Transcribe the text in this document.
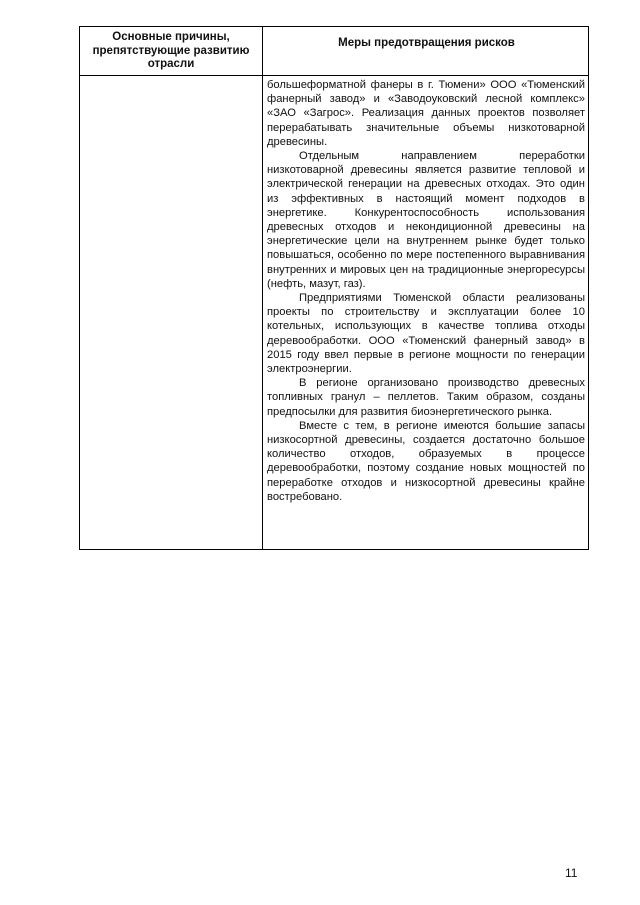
Основные причины, препятствующие развитию отрасли
Меры предотвращения рисков

большеформатной фанеры в г. Тюмени» ООО «Тюменский фанерный завод» и «Заводоуковский лесной комплекс» «ЗАО «Загрос». Реализация данных проектов позволяет перерабатывать значительные объемы низкотоварной древесины.

Отдельным направлением переработки низкотоварной древесины является развитие тепловой и электрической генерации на древесных отходах. Это один из эффективных в настоящий момент подходов в энергетике. Конкурентоспособность использования древесных отходов и некондиционной древесины на энергетические цели на внутреннем рынке будет только повышаться, особенно по мере постепенного выравнивания внутренних и мировых цен на традиционные энергоресурсы (нефть, мазут, газ).

Предприятиями Тюменской области реализованы проекты по строительству и эксплуатации более 10 котельных, использующих в качестве топлива отходы деревообработки. ООО «Тюменский фанерный завод» в 2015 году ввел первые в регионе мощности по генерации электроэнергии.

В регионе организовано производство древесных топливных гранул – пеллетов. Таким образом, созданы предпосылки для развития биоэнергетического рынка.

Вместе с тем, в регионе имеются большие запасы низкосортной древесины, создается достаточно большое количество отходов, образуемых в процессе деревообработки, поэтому создание новых мощностей по переработке отходов и низкосортной древесины крайне востребовано.

11
